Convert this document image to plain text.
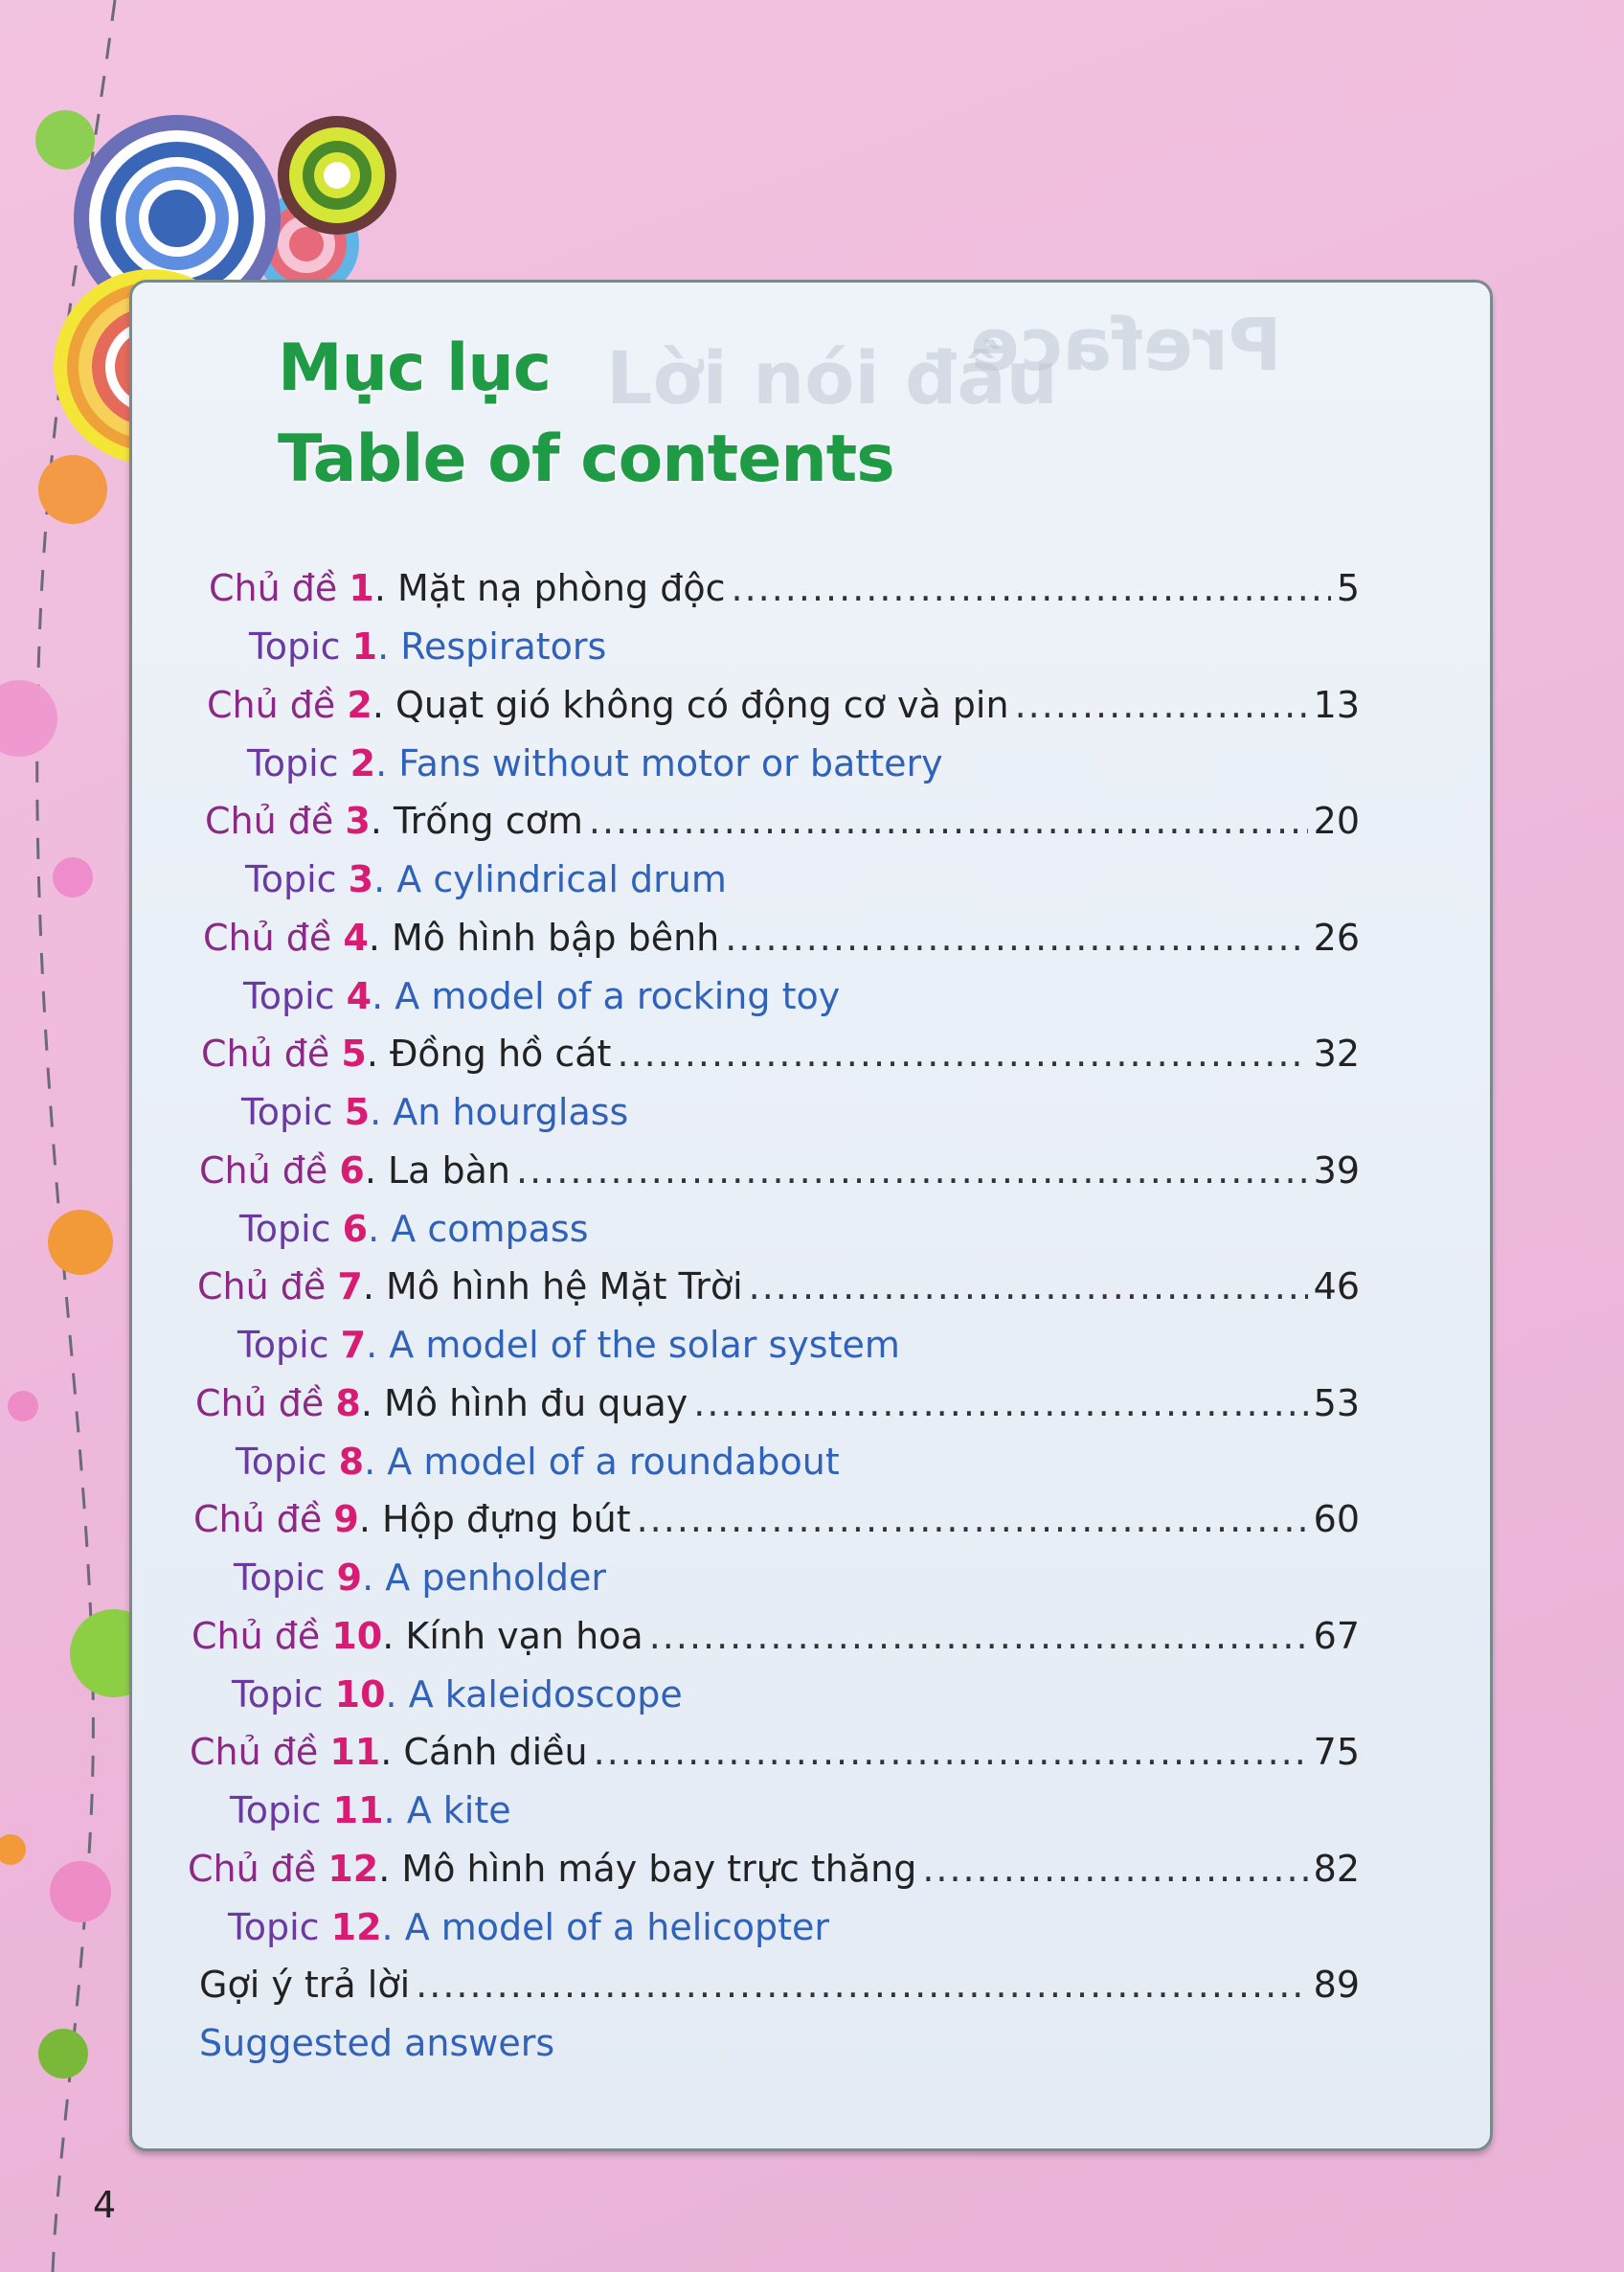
Preface
Lời nói đầu
Mục lục
Table of contents
Chủ đề 1 . Mặt nạ phòng độc .....	5
Topic 1 . Respirators
Chủ đề 2 . Quạt gió không có động cơ và pin .....	13
Topic 2 . Fans without motor or battery
Chủ đề 3 . Trống cơm .....	20
Topic 3 . A cylindrical drum
Chủ đề 4 . Mô hình bập bênh .....	26
Topic 4 . A model of a rocking toy
Chủ đề 5 . Đồng hồ cát .....	32
Topic 5 . An hourglass
Chủ đề 6 . La bàn .....	39
Topic 6 . A compass
Chủ đề 7 . Mô hình hệ Mặt Trời .....	46
Topic 7 . A model of the solar system
Chủ đề 8 . Mô hình đu quay .....	53
Topic 8 . A model of a roundabout
Chủ đề 9 . Hộp đựng bút .....	60
Topic 9 . A penholder
Chủ đề 10 . Kính vạn hoa .....	67
Topic 10 . A kaleidoscope
Chủ đề 11 . Cánh diều .....	75
Topic 11 . A kite
Chủ đề 12 . Mô hình máy bay trực thăng .....	82
Topic 12 . A model of a helicopter
Gợi ý trả lời .....	89
Suggested answers
4
